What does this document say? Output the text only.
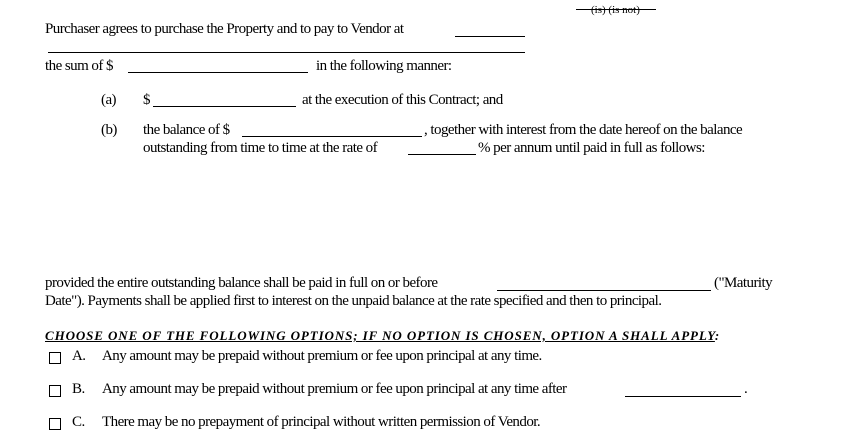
(is) (is not)
Purchaser agrees to purchase the Property and to pay to Vendor at
the sum of $	in the following manner:
(a) $	at the execution of this Contract; and
(b) the balance of $	, together with interest from the date hereof on the balance
outstanding from time to time at the rate of	% per annum until paid in full as follows:
provided the entire outstanding balance shall be paid in full on or before	("Maturity
Date"). Payments shall be applied first to interest on the unpaid balance at the rate specified and then to principal.
CHOOSE ONE OF THE FOLLOWING OPTIONS; IF NO OPTION IS CHOSEN, OPTION A SHALL APPLY:
A. Any amount may be prepaid without premium or fee upon principal at any time.
B. Any amount may be prepaid without premium or fee upon principal at any time after	.
C. There may be no prepayment of principal without written permission of Vendor.
